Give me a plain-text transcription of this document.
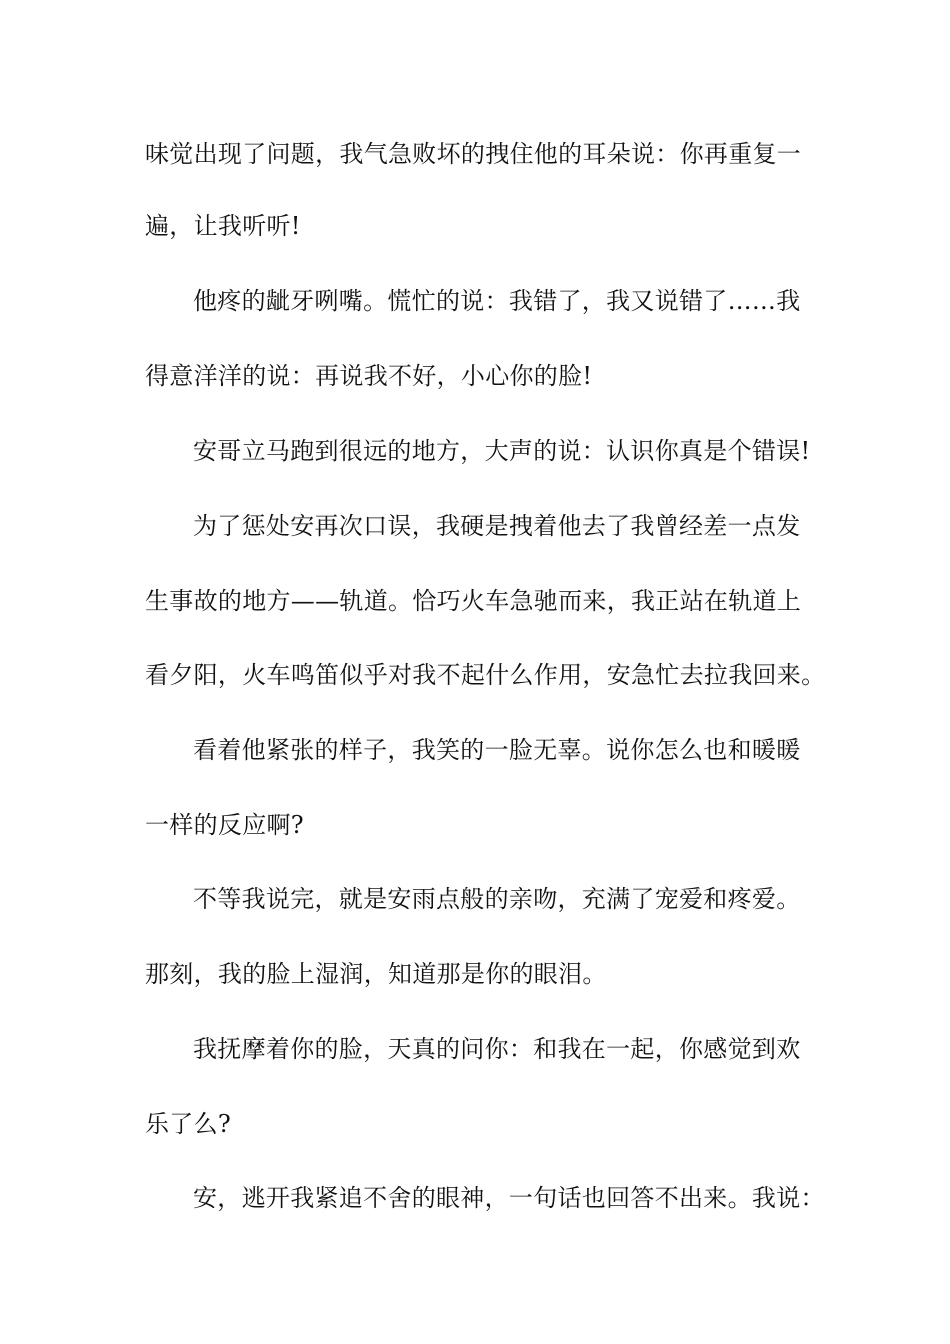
味觉出现了问题，我气急败坏的拽住他的耳朵说：你再重复一
遍，让我听听!
他疼的龇牙咧嘴。慌忙的说：我错了，我又说错了……我
得意洋洋的说：再说我不好，小心你的脸!
安哥立马跑到很远的地方，大声的说：认识你真是个错误!
为了惩处安再次口误，我硬是拽着他去了我曾经差一点发
生事故的地方——轨道。恰巧火车急驰而来，我正站在轨道上
看夕阳，火车鸣笛似乎对我不起什么作用，安急忙去拉我回来。
看着他紧张的样子，我笑的一脸无辜。说你怎么也和暖暖
一样的反应啊?
不等我说完，就是安雨点般的亲吻，充满了宠爱和疼爱。
那刻，我的脸上湿润，知道那是你的眼泪。
我抚摩着你的脸，天真的问你：和我在一起，你感觉到欢
乐了么?
安，逃开我紧追不舍的眼神，一句话也回答不出来。我说：
